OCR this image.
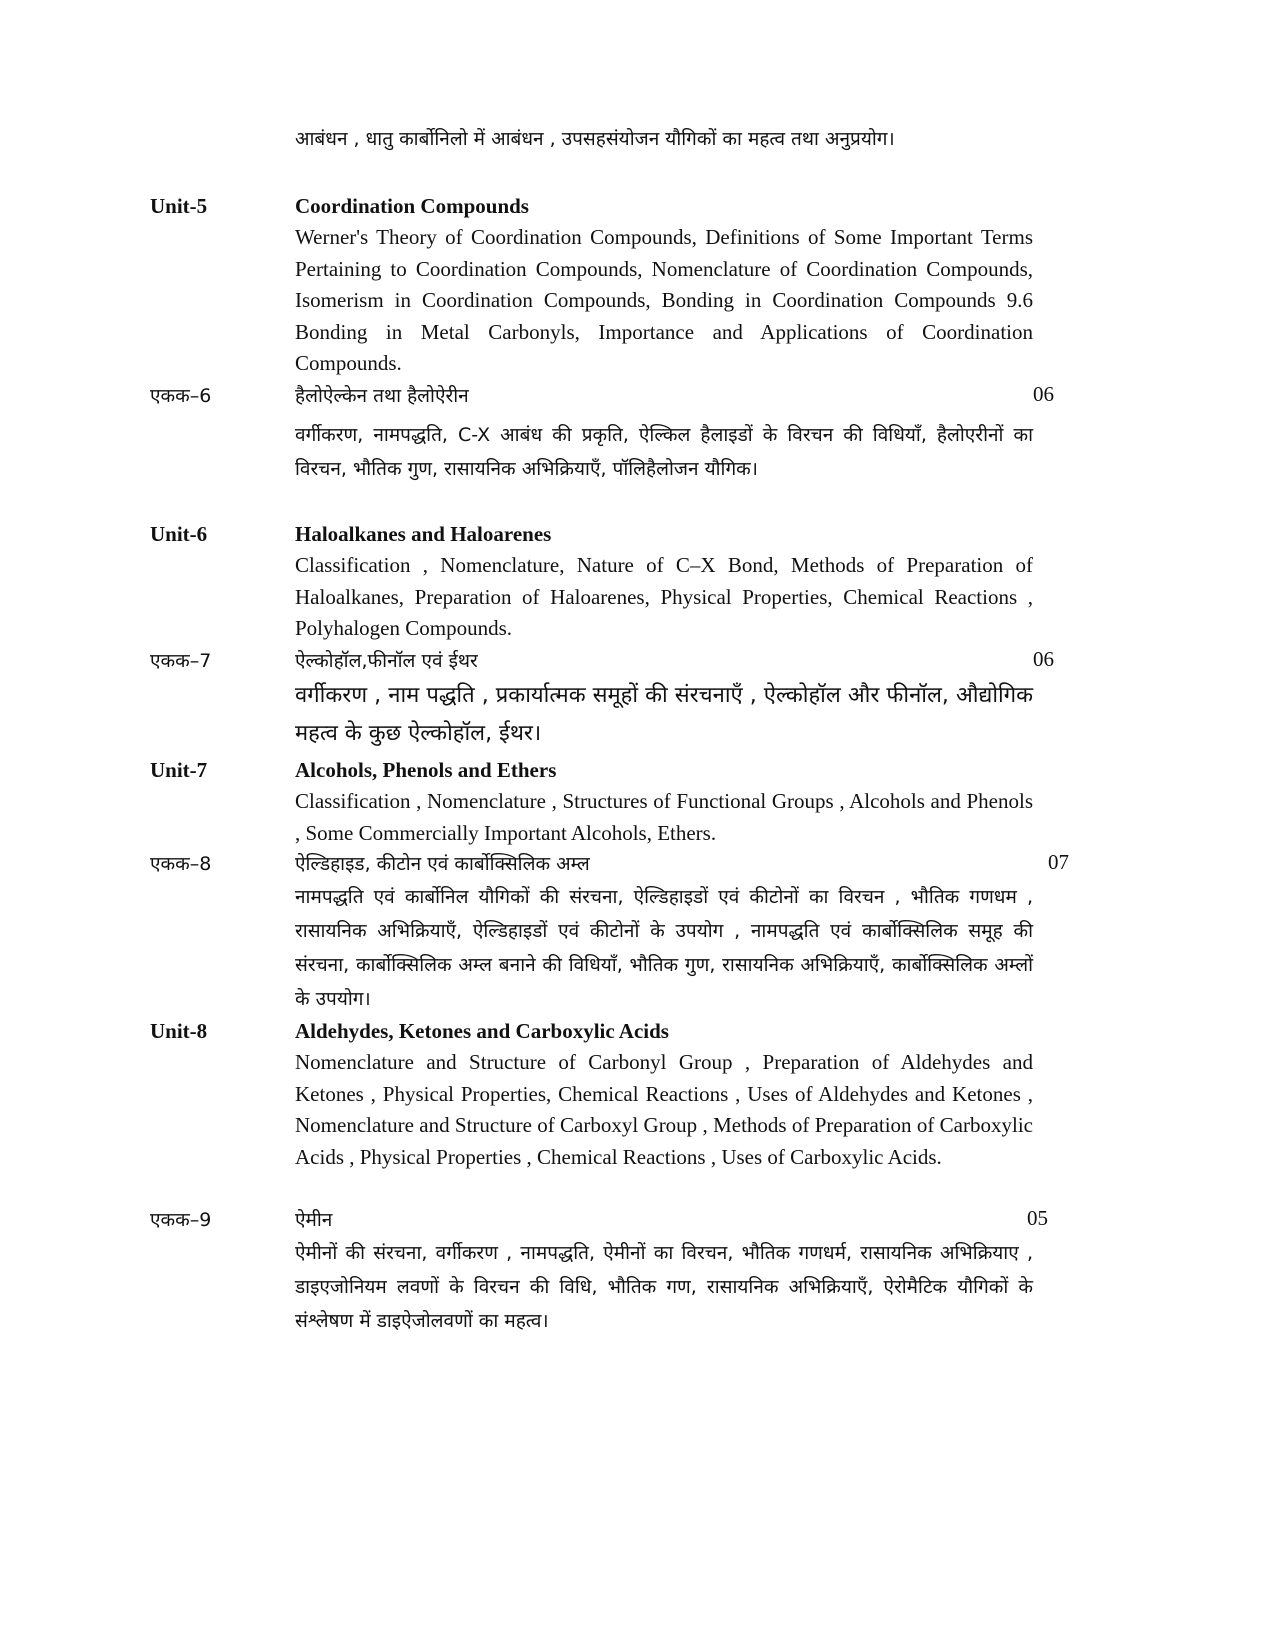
आबंधन , धातु कार्बोनिलो में आबंधन , उपसहसंयोजन यौगिकों का महत्व तथा अनुप्रयोग।
Unit-5	Coordination Compounds
Werner's Theory of Coordination Compounds, Definitions of Some Important Terms Pertaining to Coordination Compounds, Nomenclature of Coordination Compounds, Isomerism in Coordination Compounds, Bonding in Coordination Compounds 9.6 Bonding in Metal Carbonyls, Importance and Applications of Coordination Compounds.
एकक–6	हैलोऐल्केन तथा हैलोऐरीन	06
वर्गीकरण, नामपद्धति, C-X आबंध की प्रकृति, ऐल्किल हैलाइडों के विरचन की विधियाँ, हैलोएरीनों का विरचन, भौतिक गुण, रासायनिक अभिक्रियाएँ, पॉलिहैलोजन यौगिक।
Unit-6	Haloalkanes and Haloarenes
Classification , Nomenclature, Nature of C–X Bond, Methods of Preparation of Haloalkanes, Preparation of Haloarenes, Physical Properties, Chemical Reactions , Polyhalogen Compounds.
एकक–7	ऐल्कोहॉल,फीनॉल एवं ईथर	06
वर्गीकरण , नाम पद्धति , प्रकार्यात्मक समूहों की संरचनाएँ , ऐल्कोहॉल और फीनॉल, औद्योगिक महत्व के कुछ ऐल्कोहॉल, ईथर।
Unit-7	Alcohols, Phenols and Ethers
Classification , Nomenclature , Structures of Functional Groups , Alcohols and Phenols , Some Commercially Important Alcohols, Ethers.
एकक–8	ऐल्डिहाइड, कीटोन एवं कार्बोक्सिलिक अम्ल	07
नामपद्धति एवं कार्बोनिल यौगिकों की संरचना, ऐल्डिहाइडों एवं कीटोनों का विरचन , भौतिक गणधम , रासायनिक अभिक्रियाएँ, ऐल्डिहाइडों एवं कीटोनों के उपयोग , नामपद्धति एवं कार्बोक्सिलिक समूह की संरचना, कार्बोक्सिलिक अम्ल बनाने की विधियाँ, भौतिक गुण, रासायनिक अभिक्रियाएँ, कार्बोक्सिलिक अम्लों के उपयोग।
Unit-8	Aldehydes, Ketones and Carboxylic Acids
Nomenclature and Structure of Carbonyl Group , Preparation of Aldehydes and Ketones , Physical Properties, Chemical Reactions , Uses of Aldehydes and Ketones , Nomenclature and Structure of Carboxyl Group , Methods of Preparation of Carboxylic Acids , Physical Properties , Chemical Reactions , Uses of Carboxylic Acids.
एकक–9	ऐमीन	05
ऐमीनों की संरचना, वर्गीकरण , नामपद्धति, ऐमीनों का विरचन, भौतिक गणधर्म, रासायनिक अभिक्रियाए , डाइएजोनियम लवणों के विरचन की विधि, भौतिक गण, रासायनिक अभिक्रियाएँ, ऐरोमैटिक यौगिकों के संश्लेषण में डाइऐजोलवणों का महत्व।
